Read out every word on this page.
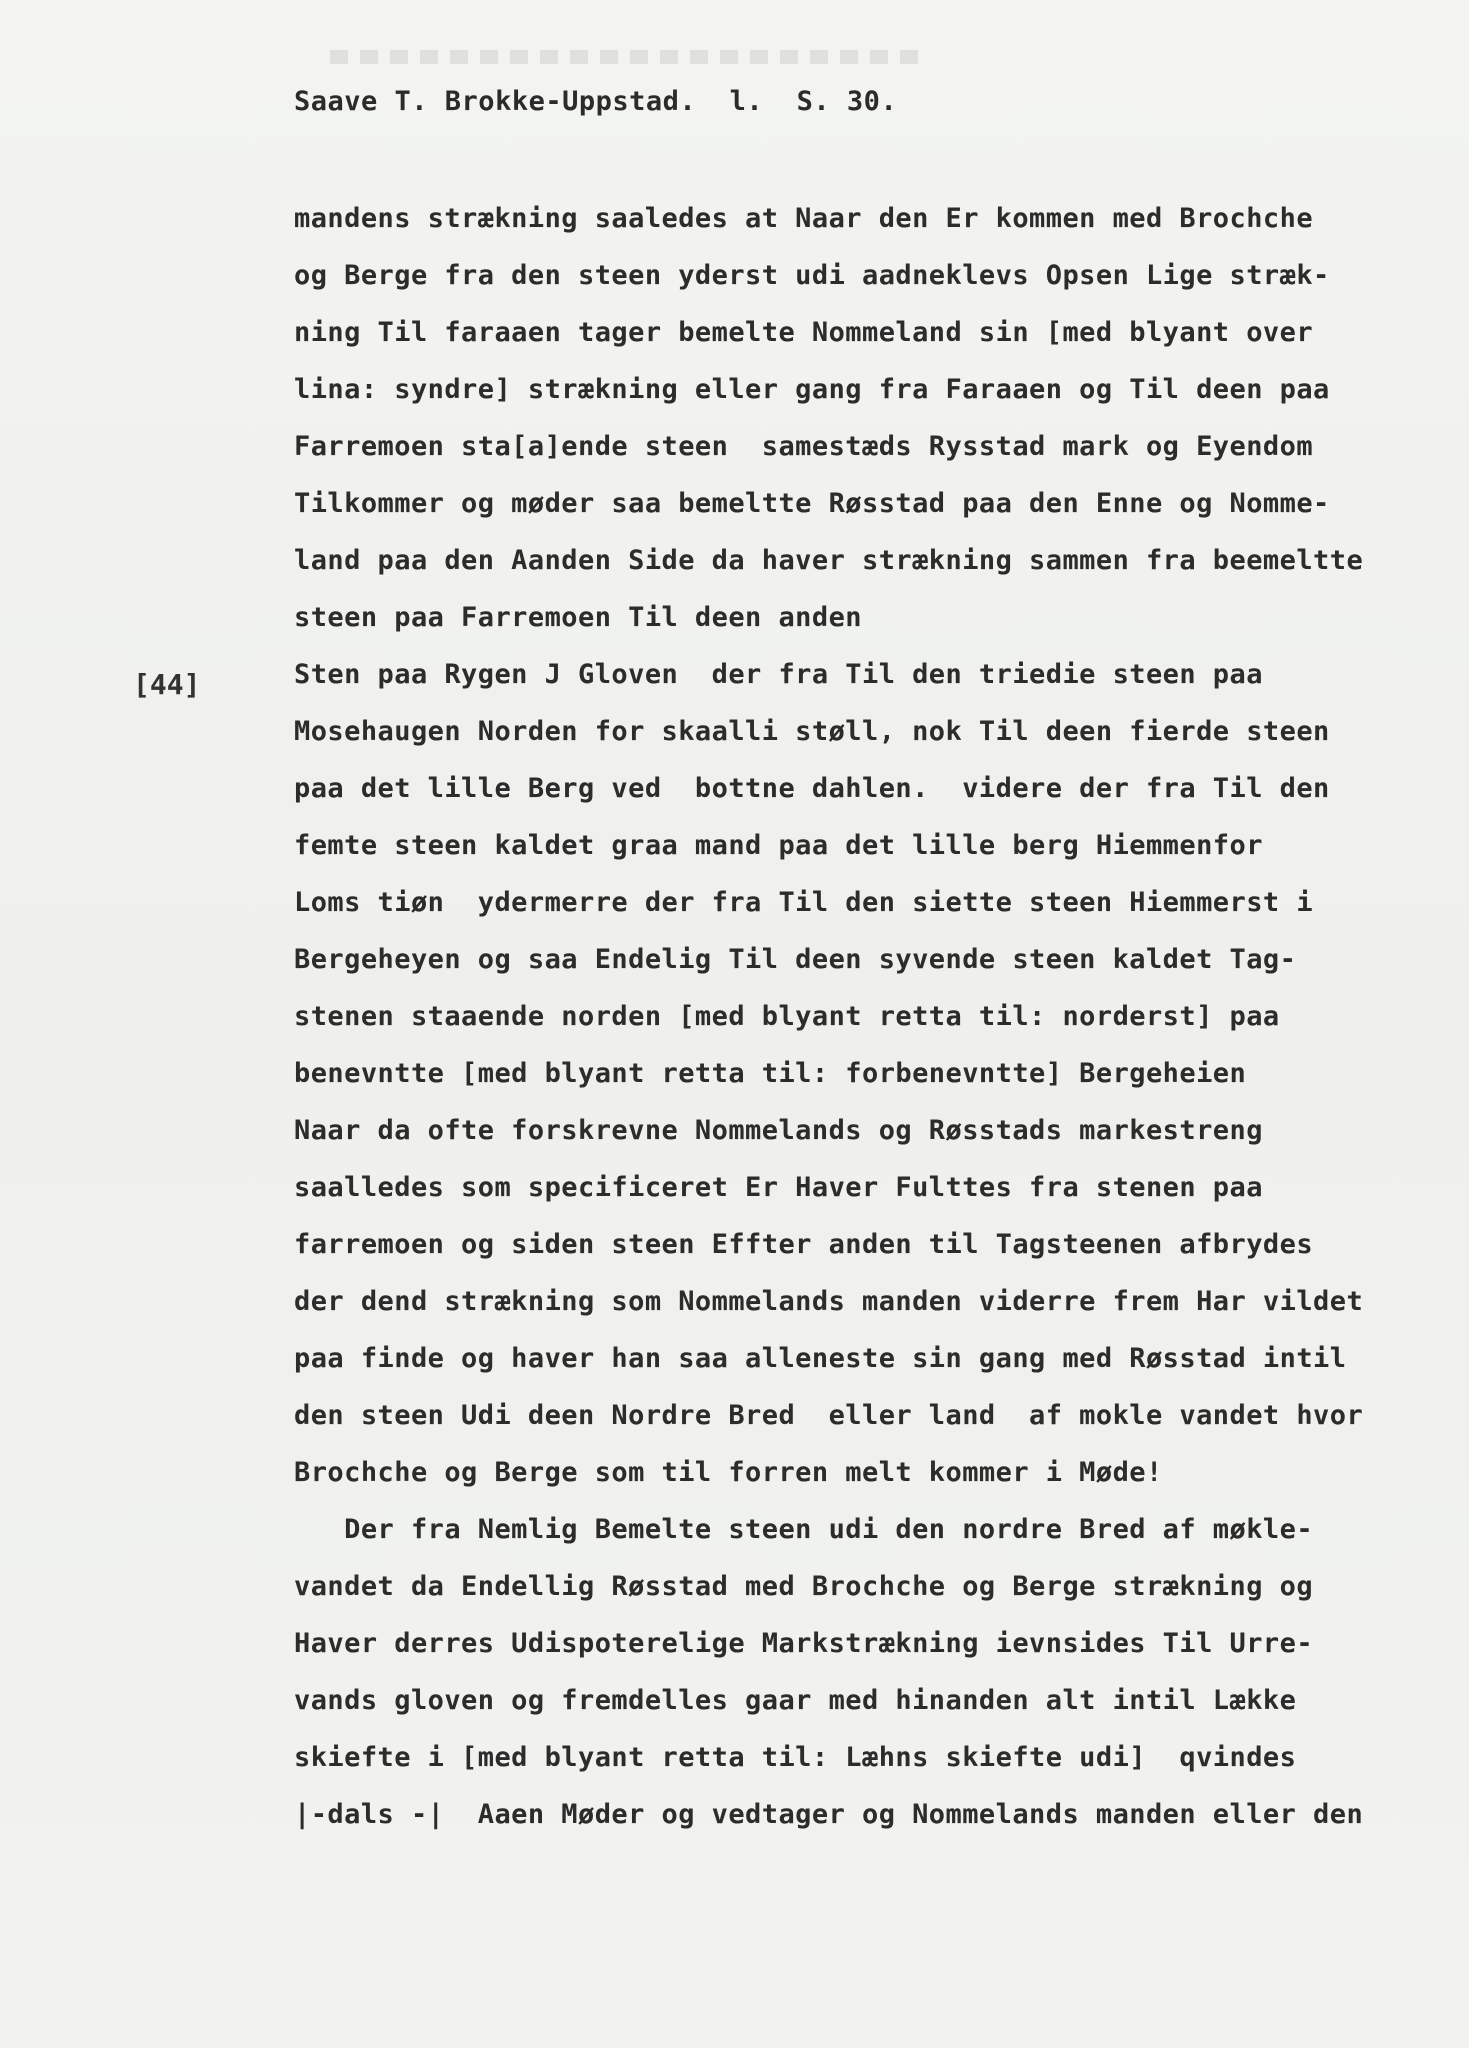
Saave T. Brokke-Uppstad.  l.  S. 30.
[44]
mandens strækning saaledes at Naar den Er kommen med Brochche
og Berge fra den steen yderst udi aadneklevs Opsen Lige stræk-
ning Til faraaen tager bemelte Nommeland sin [med blyant over
lina: syndre] strækning eller gang fra Faraaen og Til deen paa
Farremoen sta[a]ende steen  samestæds Rysstad mark og Eyendom
Tilkommer og møder saa bemeltte Røsstad paa den Enne og Nomme-
land paa den Aanden Side da haver strækning sammen fra beemeltte
steen paa Farremoen Til deen anden
Sten paa Rygen J Gloven  der fra Til den triedie steen paa
Mosehaugen Norden for skaalli støll, nok Til deen fierde steen
paa det lille Berg ved  bottne dahlen.  videre der fra Til den
femte steen kaldet graa mand paa det lille berg Hiemmenfor
Loms tiøn  ydermerre der fra Til den siette steen Hiemmerst i
Bergeheyen og saa Endelig Til deen syvende steen kaldet Tag-
stenen staaende norden [med blyant retta til: norderst] paa
benevntte [med blyant retta til: forbenevntte] Bergeheien
Naar da ofte forskrevne Nommelands og Røsstads markestreng
saalledes som specificeret Er Haver Fulttes fra stenen paa
farremoen og siden steen Effter anden til Tagsteenen afbrydes
der dend strækning som Nommelands manden viderre frem Har vildet
paa finde og haver han saa alleneste sin gang med Røsstad intil
den steen Udi deen Nordre Bred  eller land  af mokle vandet hvor
Brochche og Berge som til forren melt kommer i Møde!
Der fra Nemlig Bemelte steen udi den nordre Bred af møkle-
vandet da Endellig Røsstad med Brochche og Berge strækning og
Haver derres Udispoterelige Markstrækning ievnsides Til Urre-
vands gloven og fremdelles gaar med hinanden alt intil Lække
skiefte i [med blyant retta til: Læhns skiefte udi]  qvindes
|-dals -|  Aaen Møder og vedtager og Nommelands manden eller den
